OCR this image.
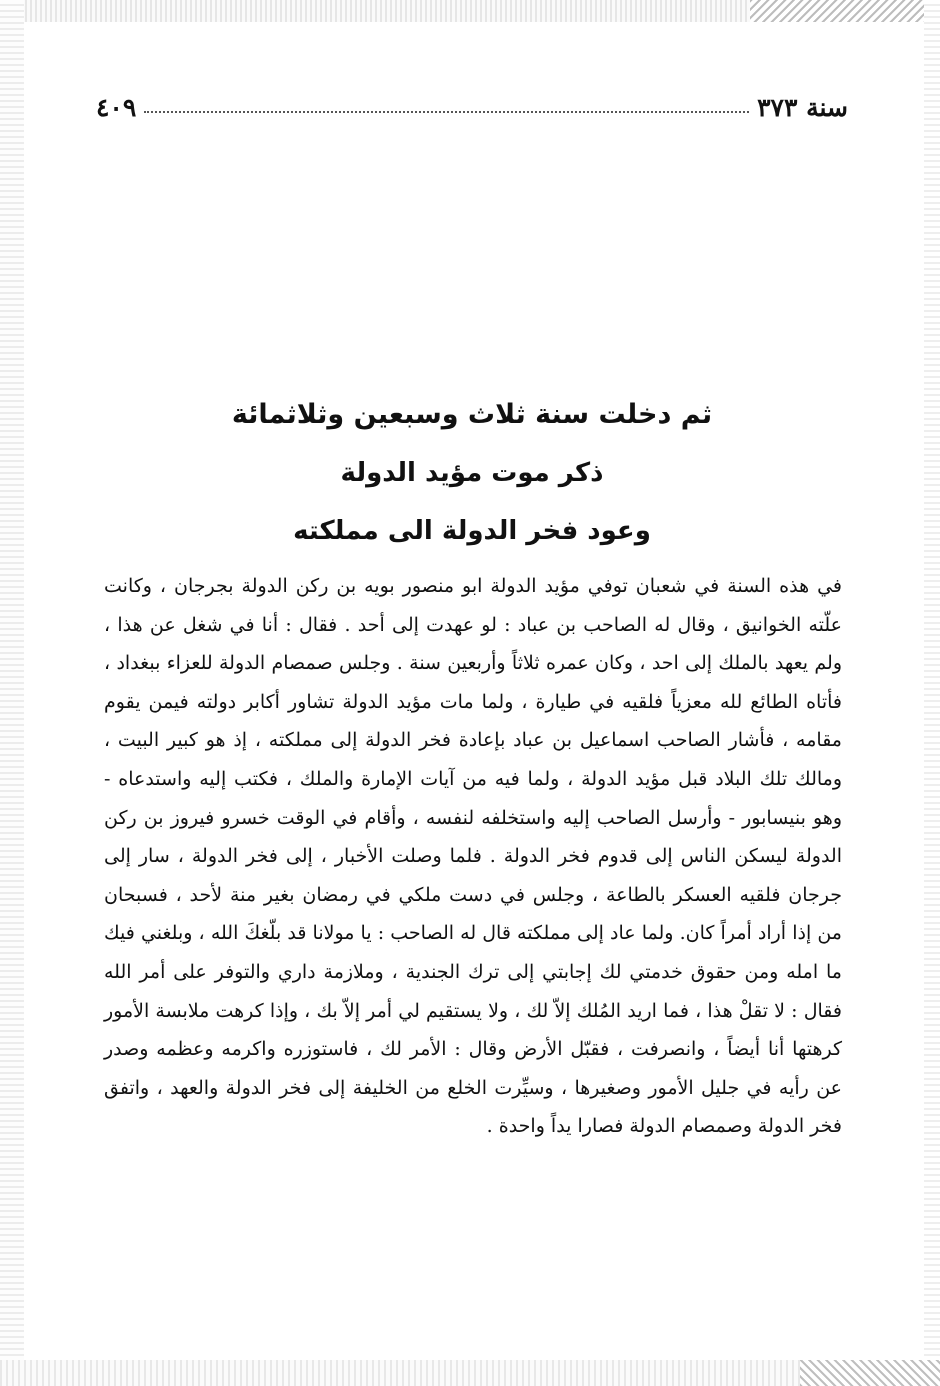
سنة ٣٧٣
٤٠٩
ثم دخلت سنة ثلاث وسبعين وثلاثمائة
ذكر موت مؤيد الدولة
وعود فخر الدولة الى مملكته

في هذه السنة في شعبان توفي مؤيد الدولة ابو منصور بويه بن ركن الدولة بجرجان ، وكانت علّته الخوانيق ، وقال له الصاحب بن عباد : لو عهدت إلى أحد . فقال : أنا في شغل عن هذا ، ولم يعهد بالملك إلى احد ، وكان عمره ثلاثاً وأربعين سنة . وجلس صمصام الدولة للعزاء ببغداد ، فأتاه الطائع لله معزياً فلقيه في طيارة ، ولما مات مؤيد الدولة تشاور أكابر دولته فيمن يقوم مقامه ، فأشار الصاحب اسماعيل بن عباد بإعادة فخر الدولة إلى مملكته ، إذ هو كبير البيت ، ومالك تلك البلاد قبل مؤيد الدولة ، ولما فيه من آيات الإمارة والملك ، فكتب إليه واستدعاه - وهو بنيسابور - وأرسل الصاحب إليه واستخلفه لنفسه ، وأقام في الوقت خسرو فيروز بن ركن الدولة ليسكن الناس إلى قدوم فخر الدولة . فلما وصلت الأخبار ، إلى فخر الدولة ، سار إلى جرجان فلقيه العسكر بالطاعة ، وجلس في دست ملكي في رمضان بغير منة لأحد ، فسبحان من إذا أراد أمراً كان. ولما عاد إلى مملكته قال له الصاحب : يا مولانا قد بلّغكَ الله ، وبلغني فيك ما امله ومن حقوق خدمتي لك إجابتي إلى ترك الجندية ، وملازمة داري والتوفر على أمر الله فقال : لا تقلْ هذا ، فما اريد المُلك إلاّ لك ، ولا يستقيم لي أمر إلاّ بك ، وإذا كرهت ملابسة الأمور كرهتها أنا أيضاً ، وانصرفت ، فقبّل الأرض وقال : الأمر لك ، فاستوزره واكرمه وعظمه وصدر عن رأيه في جليل الأمور وصغيرها ، وسيِّرت الخلع من الخليفة إلى فخر الدولة والعهد ، واتفق فخر الدولة وصمصام الدولة فصارا يداً واحدة .
